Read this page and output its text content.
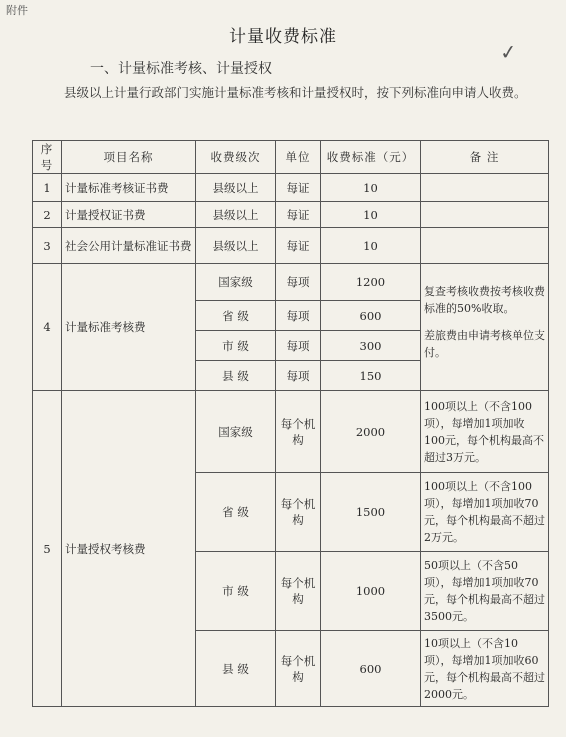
附件
计量收费标准
✓
一、计量标准考核、计量授权
县级以上计量行政部门实施计量标准考核和计量授权时，按下列标准向申请人收费。
序号	项目名称	收费级次	单位	收费标准（元）	备 注
1	计量标准考核证书费	县级以上	每证	10	
2	计量授权证书费	县级以上	每证	10	
3	社会公用计量标准证书费	县级以上	每证	10	
4	计量标准考核费	国家级	每项	1200	复查考核收费按考核收费标准的50%收取。

差旅费由申请考核单位支付。

		省 级	每项	600	
		市 级	每项	300	
		县 级	每项	150	
5	计量授权考核费	国家级	每个机构	2000	100项以上（不含100项），每增加1项加收100元，每个机构最高不超过3万元。
		省 级	每个机构	1500	100项以上（不含100项），每增加1项加收70元，每个机构最高不超过2万元。
		市 级	每个机构	1000	50项以上（不含50项），每增加1项加收70元，每个机构最高不超过3500元。
		县 级	每个机构	600	10项以上（不含10项），每增加1项加收60元，每个机构最高不超过2000元。
